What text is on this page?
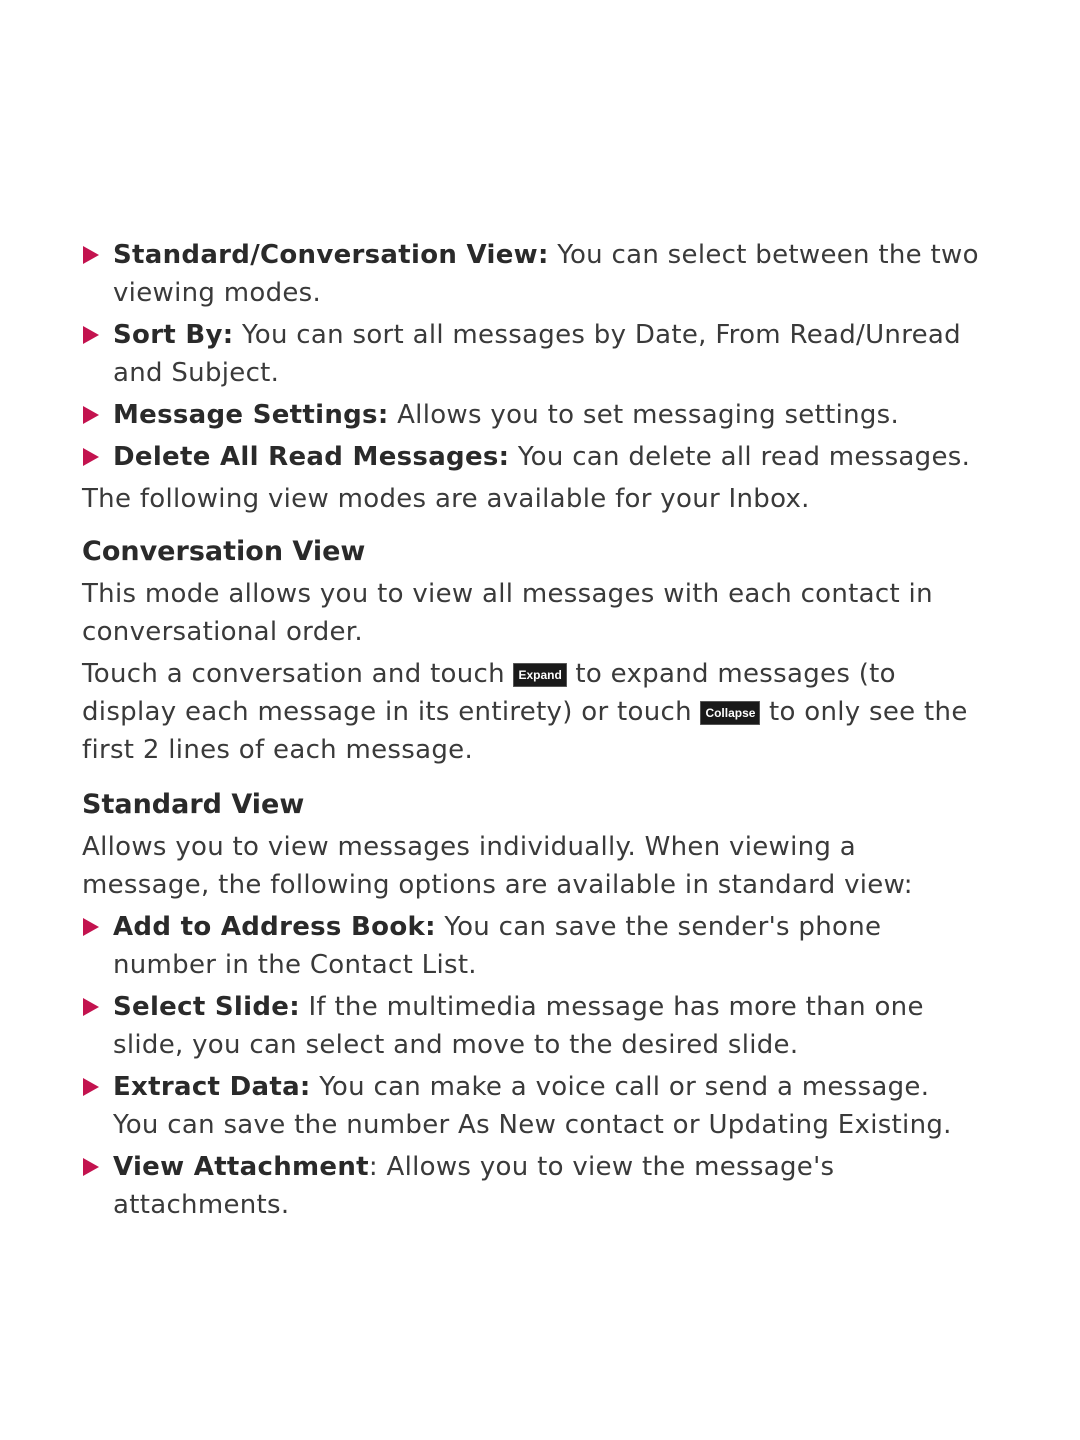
Standard/Conversation View: You can select between the two viewing modes.
Sort By: You can sort all messages by Date, From Read/Unread and Subject.
Message Settings: Allows you to set messaging settings.
Delete All Read Messages: You can delete all read messages.

The following view modes are available for your Inbox.

Conversation View

This mode allows you to view all messages with each contact in conversational order.

Touch a conversation and touch Expand to expand messages (to display each message in its entirety) or touch Collapse to only see the first 2 lines of each message.

Standard View

Allows you to view messages individually. When viewing a message, the following options are available in standard view:

Add to Address Book: You can save the sender's phone number in the Contact List.
Select Slide: If the multimedia message has more than one slide, you can select and move to the desired slide.
Extract Data: You can make a voice call or send a message. You can save the number As New contact or Updating Existing.
View Attachment: Allows you to view the message's attachments.
